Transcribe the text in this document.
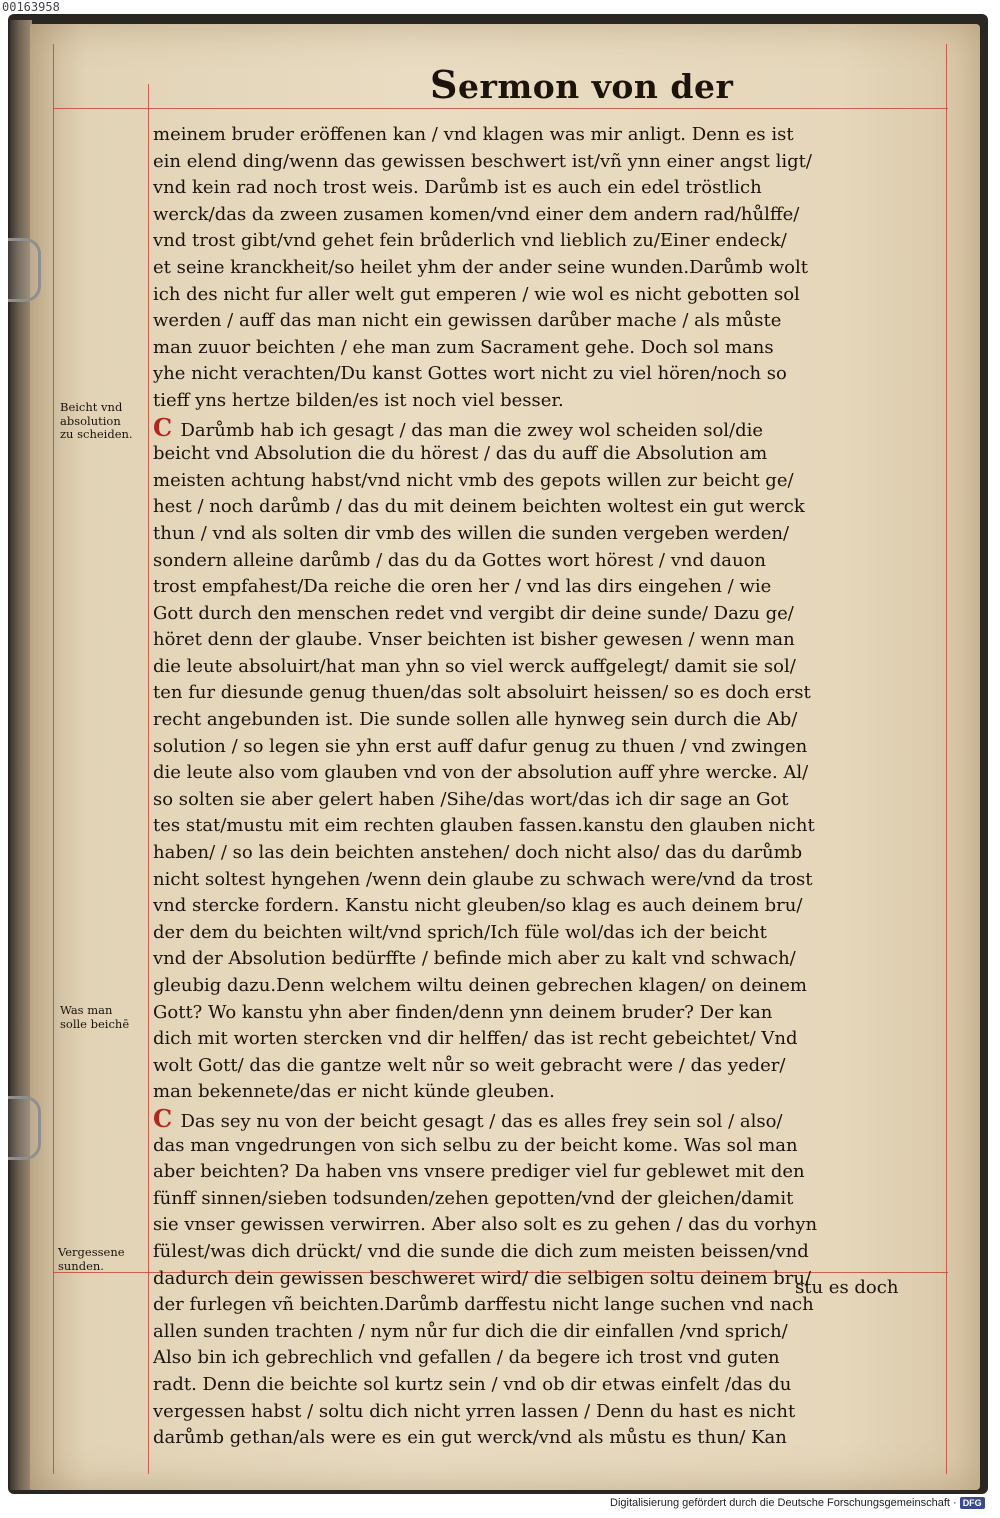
00163958
Sermon von der
Beicht vnd
absolution
zu scheiden.
Was man
solle beichē
Vergessene
sunden.
meinem bruder eröffenen kan / vnd klagen was mir anligt. Denn es ist
ein elend ding/wenn das gewissen beschwert ist/vñ ynn einer angst ligt/
vnd kein rad noch trost weis. Darůmb ist es auch ein edel tröstlich
werck/das da zween zusamen komen/vnd einer dem andern rad/hůlffe/
vnd trost gibt/vnd gehet fein brůderlich vnd lieblich zu/Einer endeck/
et seine kranckheit/so heilet yhm der ander seine wunden.Darůmb wolt
ich des nicht fur aller welt gut emperen / wie wol es nicht gebotten sol
werden / auff das man nicht ein gewissen darůber mache / als můste
man zuuor beichten / ehe man zum Sacrament gehe. Doch sol mans
yhe nicht verachten/Du kanst Gottes wort nicht zu viel hören/noch so
tieff yns hertze bilden/es ist noch viel besser.
C Darůmb hab ich gesagt / das man die zwey wol scheiden sol/die
beicht vnd Absolution die du hörest / das du auff die Absolution am
meisten achtung habst/vnd nicht vmb des gepots willen zur beicht ge/
hest / noch darůmb / das du mit deinem beichten woltest ein gut werck
thun / vnd als solten dir vmb des willen die sunden vergeben werden/
sondern alleine darůmb / das du da Gottes wort hörest / vnd dauon
trost empfahest/Da reiche die oren her / vnd las dirs eingehen / wie
Gott durch den menschen redet vnd vergibt dir deine sunde/ Dazu ge/
höret denn der glaube. Vnser beichten ist bisher gewesen / wenn man
die leute absoluirt/hat man yhn so viel werck auffgelegt/ damit sie sol/
ten fur diesunde genug thuen/das solt absoluirt heissen/ so es doch erst
recht angebunden ist. Die sunde sollen alle hynweg sein durch die Ab/
solution / so legen sie yhn erst auff dafur genug zu thuen / vnd zwingen
die leute also vom glauben vnd von der absolution auff yhre wercke. Al/
so solten sie aber gelert haben /Sihe/das wort/das ich dir sage an Got
tes stat/mustu mit eim rechten glauben fassen.kanstu den glauben nicht
haben/ / so las dein beichten anstehen/ doch nicht also/ das du darůmb
nicht soltest hyngehen /wenn dein glaube zu schwach were/vnd da trost
vnd stercke fordern. Kanstu nicht gleuben/so klag es auch deinem bru/
der dem du beichten wilt/vnd sprich/Ich füle wol/das ich der beicht
vnd der Absolution bedürffte / befinde mich aber zu kalt vnd schwach/
gleubig dazu.Denn welchem wiltu deinen gebrechen klagen/ on deinem
Gott? Wo kanstu yhn aber finden/denn ynn deinem bruder? Der kan
dich mit worten stercken vnd dir helffen/ das ist recht gebeichtet/ Vnd
wolt Gott/ das die gantze welt nůr so weit gebracht were / das yeder/
man bekennete/das er nicht künde gleuben.
C Das sey nu von der beicht gesagt / das es alles frey sein sol / also/
das man vngedrungen von sich selbu zu der beicht kome. Was sol man
aber beichten? Da haben vns vnsere prediger viel fur geblewet mit den
fünff sinnen/sieben todsunden/zehen gepotten/vnd der gleichen/damit
sie vnser gewissen verwirren. Aber also solt es zu gehen / das du vorhyn
fülest/was dich drückt/ vnd die sunde die dich zum meisten beissen/vnd
dadurch dein gewissen beschweret wird/ die selbigen soltu deinem bru/
der furlegen vñ beichten.Darůmb darffestu nicht lange suchen vnd nach
allen sunden trachten / nym nůr fur dich die dir einfallen /vnd sprich/
Also bin ich gebrechlich vnd gefallen / da begere ich trost vnd guten
radt. Denn die beichte sol kurtz sein / vnd ob dir etwas einfelt /das du
vergessen habst / soltu dich nicht yrren lassen / Denn du hast es nicht
darůmb gethan/als were es ein gut werck/vnd als můstu es thun/ Kan
stu es doch
Digitalisierung gefördert durch die Deutsche Forschungsgemeinschaft · DFG
